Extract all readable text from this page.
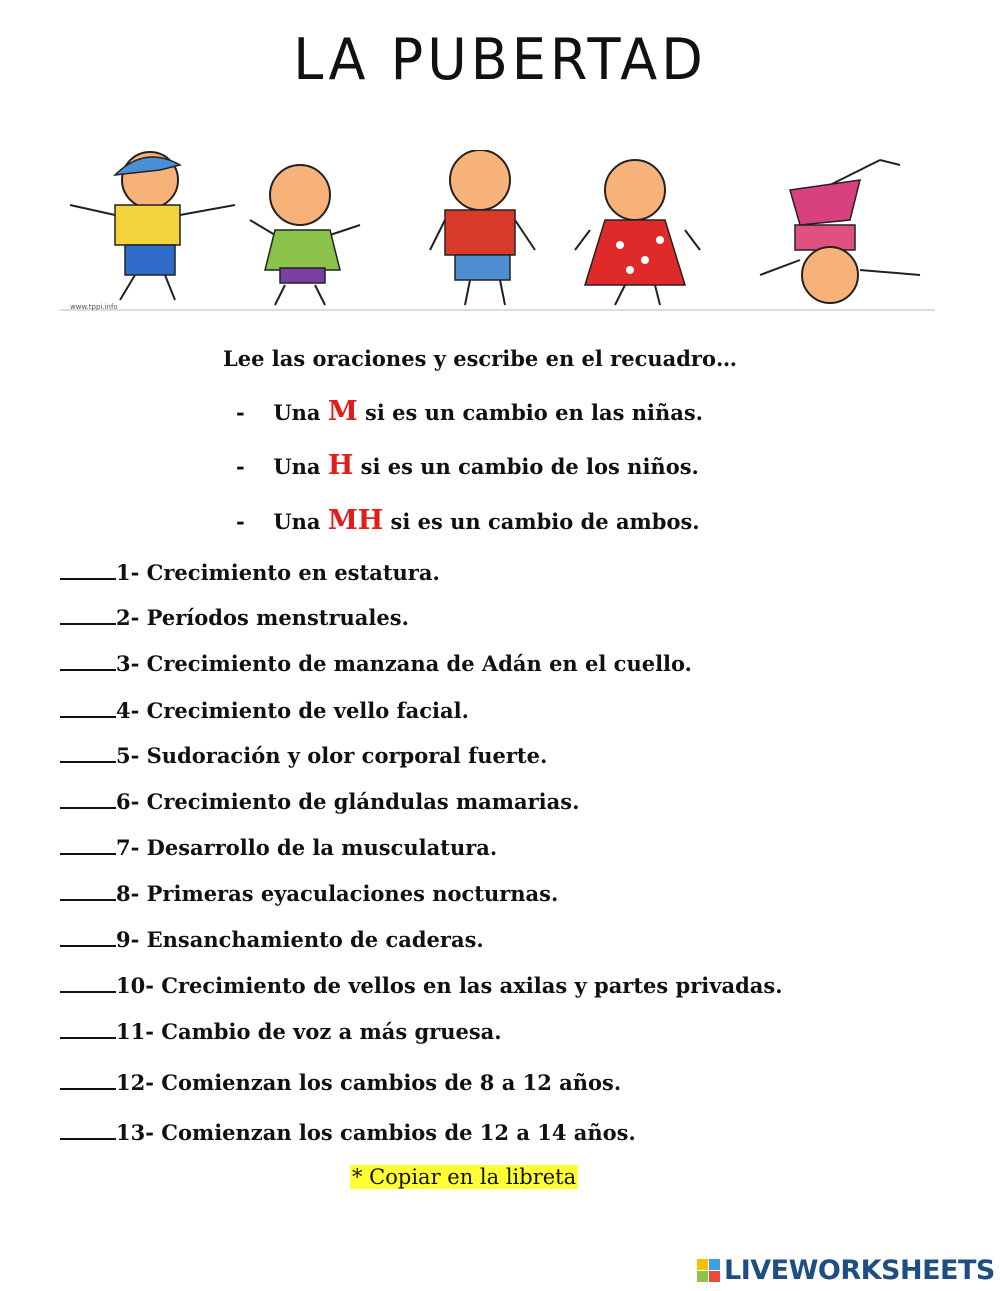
LA PUBERTAD
www.tppi.info
Lee las oraciones y escribe en el recuadro…
- Una M si es un cambio en las niñas.
- Una H si es un cambio de los niños.
- Una MH si es un cambio de ambos.
1- Crecimiento en estatura.
2- Períodos menstruales.
3- Crecimiento de manzana de Adán en el cuello.
4- Crecimiento de vello facial.
5- Sudoración y olor corporal fuerte.
6- Crecimiento de glándulas mamarias.
7- Desarrollo de la musculatura.
8- Primeras eyaculaciones nocturnas.
9- Ensanchamiento de caderas.
10- Crecimiento de vellos en las axilas y partes privadas.
11- Cambio de voz a más gruesa.
12- Comienzan los cambios de 8 a 12 años.
13- Comienzan los cambios de 12 a 14 años.
* Copiar en la libreta
LIVEWORKSHEETS
